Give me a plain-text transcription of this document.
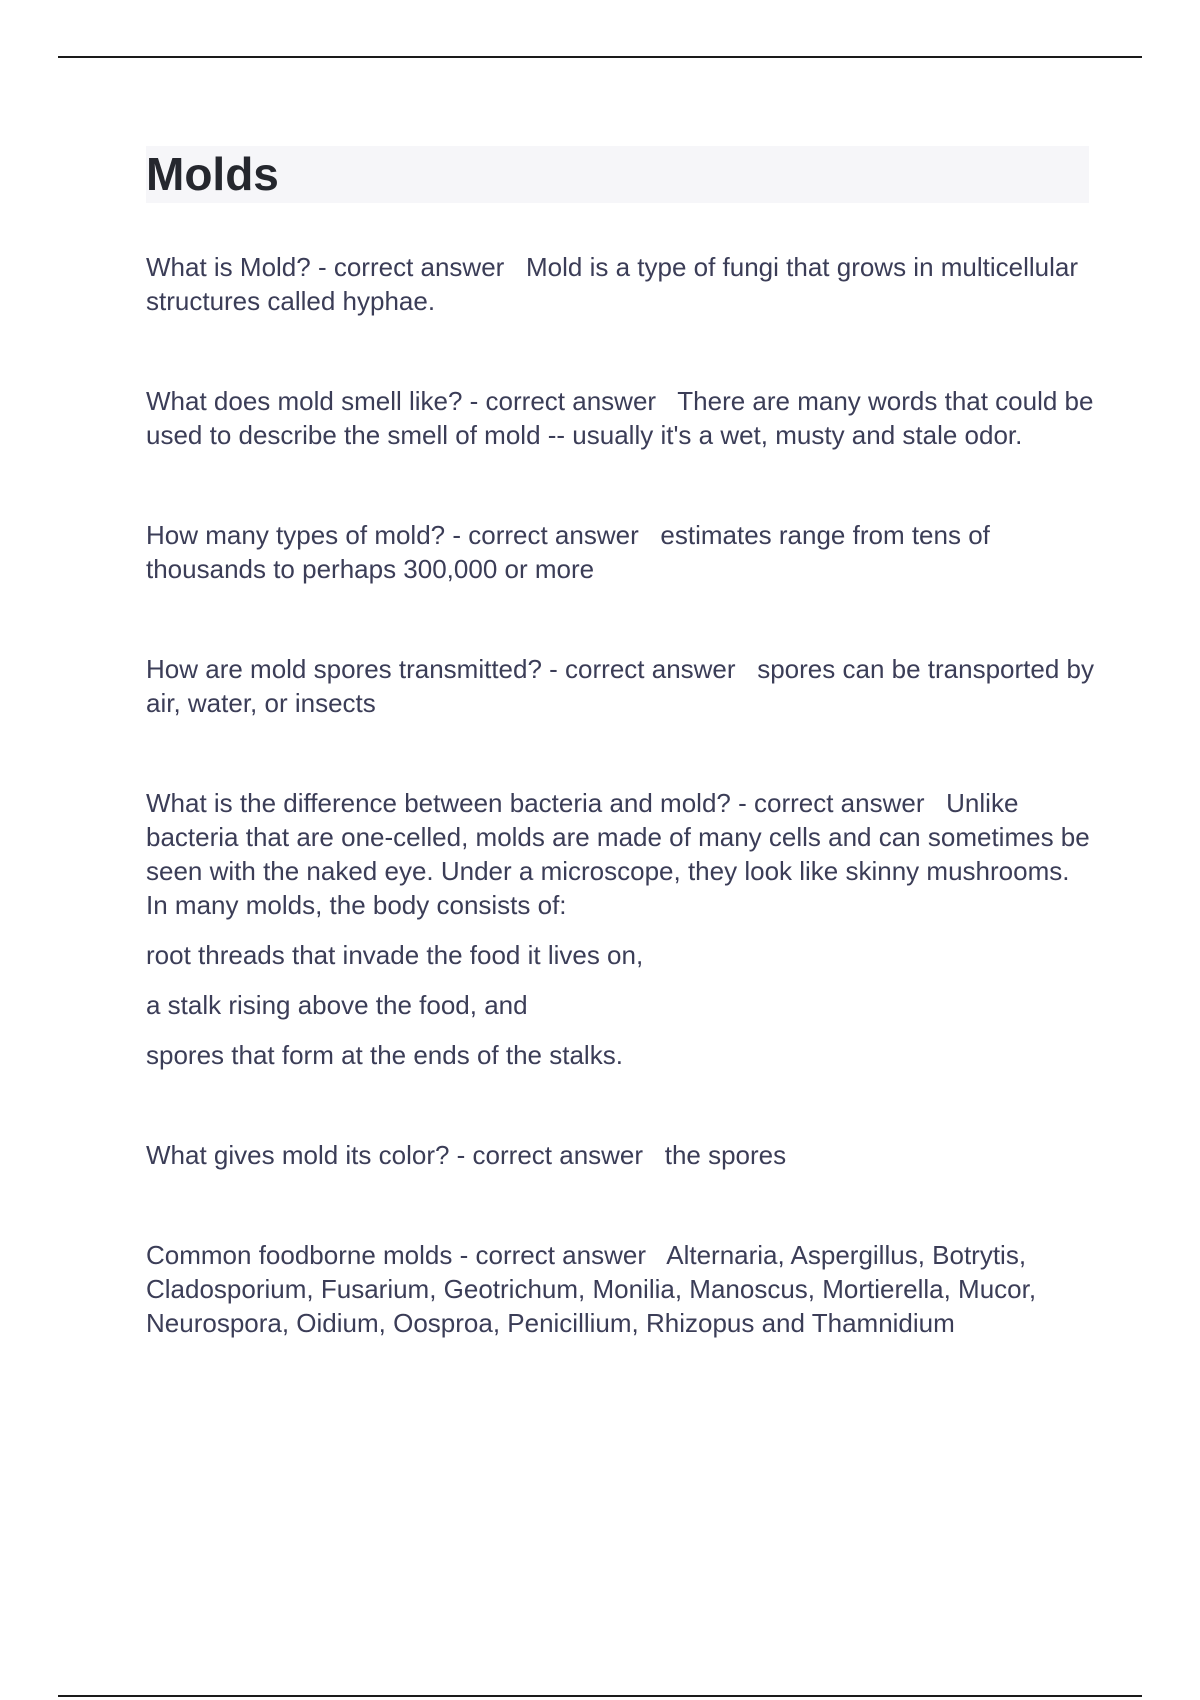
Molds

What is Mold? - correct answer Mold is a type of fungi that grows in multicellular structures called hyphae.

What does mold smell like? - correct answer There are many words that could be used to describe the smell of mold -- usually it's a wet, musty and stale odor.

How many types of mold? - correct answer estimates range from tens of thousands to perhaps 300,000 or more

How are mold spores transmitted? - correct answer spores can be transported by air, water, or insects

What is the difference between bacteria and mold? - correct answer Unlike bacteria that are one-celled, molds are made of many cells and can sometimes be seen with the naked eye. Under a microscope, they look like skinny mushrooms. In many molds, the body consists of:

root threads that invade the food it lives on,

a stalk rising above the food, and

spores that form at the ends of the stalks.

What gives mold its color? - correct answer the spores

Common foodborne molds - correct answer Alternaria, Aspergillus, Botrytis, Cladosporium, Fusarium, Geotrichum, Monilia, Manoscus, Mortierella, Mucor, Neurospora, Oidium, Oosproa, Penicillium, Rhizopus and Thamnidium
